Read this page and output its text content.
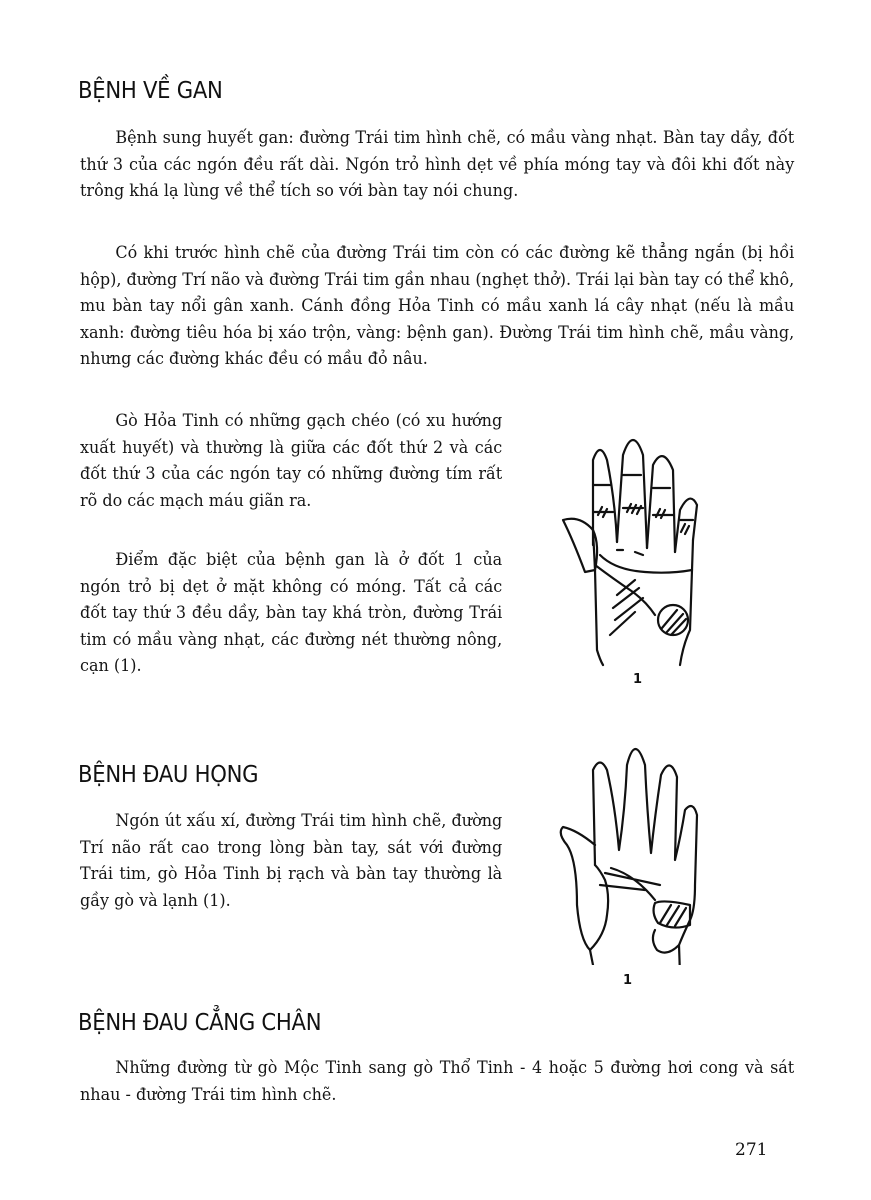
BỆNH VỀ GAN

Bệnh sung huyết gan: đường Trái tim hình chẽ, có mầu vàng nhạt. Bàn tay dầy, đốt thứ 3 của các ngón đều rất dài. Ngón trỏ hình dẹt về phía móng tay và đôi khi đốt này trông khá lạ lùng về thể tích so với bàn tay nói chung.

Có khi trước hình chẽ của đường Trái tim còn có các đường kẽ thẳng ngắn (bị hồi hộp), đường Trí não và đường Trái tim gần nhau (nghẹt thở). Trái lại bàn tay có thể khô, mu bàn tay nổi gân xanh. Cánh đồng Hỏa Tinh có mầu xanh lá cây nhạt (nếu là mầu xanh: đường tiêu hóa bị xáo trộn, vàng: bệnh gan). Đường Trái tim hình chẽ, mầu vàng, nhưng các đường khác đều có mầu đỏ nâu.

Gò Hỏa Tinh có những gạch chéo (có xu hướng xuất huyết) và thường là giữa các đốt thứ 2 và các đốt thứ 3 của các ngón tay có những đường tím rất rõ do các mạch máu giãn ra.

Điểm đặc biệt của bệnh gan là ở đốt 1 của ngón trỏ bị dẹt ở mặt không có móng. Tất cả các đốt tay thứ 3 đều dầy, bàn tay khá tròn, đường Trái tim có mầu vàng nhạt, các đường nét thường nông, cạn (1).

1
BỆNH ĐAU HỌNG

Ngón út xấu xí, đường Trái tim hình chẽ, đường Trí não rất cao trong lòng bàn tay, sát với đường Trái tim, gò Hỏa Tinh bị rạch và bàn tay thường là gầy gò và lạnh (1).

1
BỆNH ĐAU CẲNG CHÂN

Những đường từ gò Mộc Tinh sang gò Thổ Tinh - 4 hoặc 5 đường hơi cong và sát nhau - đường Trái tim hình chẽ.

271
